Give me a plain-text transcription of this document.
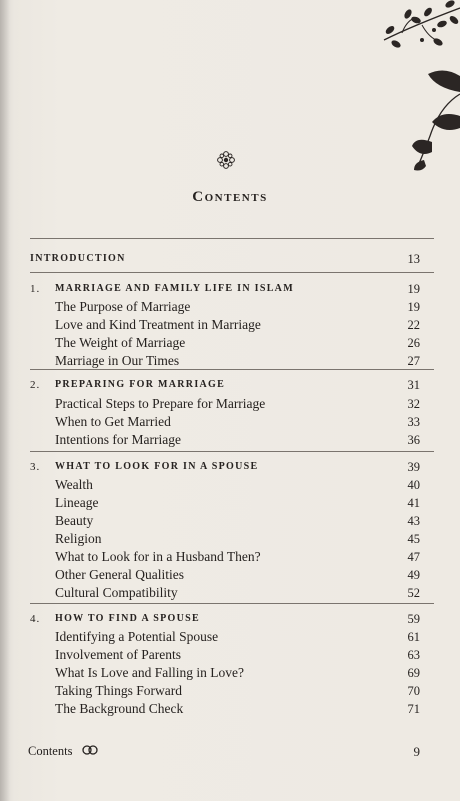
Contents
INTRODUCTION	13
1. MARRIAGE AND FAMILY LIFE IN ISLAM	19
The Purpose of Marriage	19
Love and Kind Treatment in Marriage	22
The Weight of Marriage	26
Marriage in Our Times	27
2. PREPARING FOR MARRIAGE	31
Practical Steps to Prepare for Marriage	32
When to Get Married	33
Intentions for Marriage	36
3. WHAT TO LOOK FOR IN A SPOUSE	39
Wealth	40
Lineage	41
Beauty	43
Religion	45
What to Look for in a Husband Then?	47
Other General Qualities	49
Cultural Compatibility	52
4. HOW TO FIND A SPOUSE	59
Identifying a Potential Spouse	61
Involvement of Parents	63
What Is Love and Falling in Love?	69
Taking Things Forward	70
The Background Check	71
Contents	9
